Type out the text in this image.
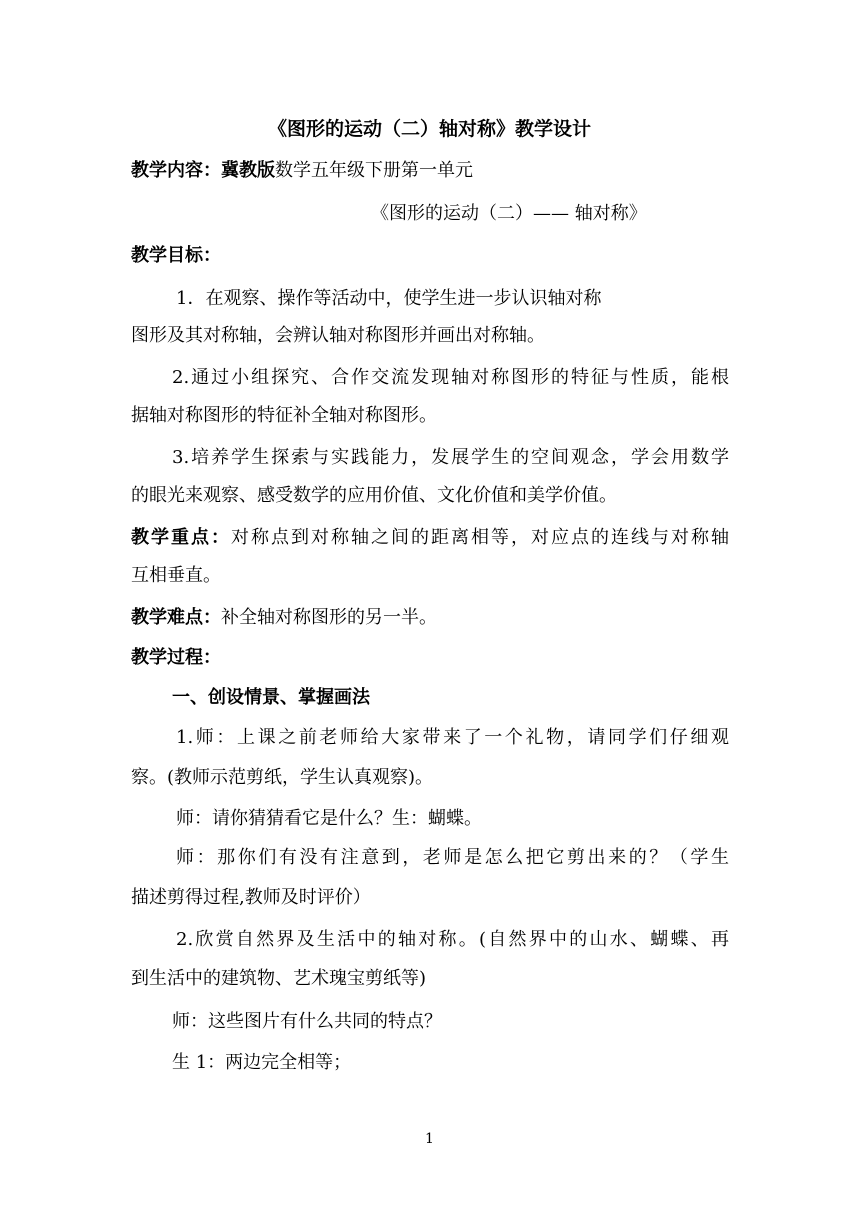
《图形的运动（二）轴对称》教学设计
教学内容：冀教版数学五年级下册第一单元
《图形的运动（二）—— 轴对称》
教学目标：
1．在观察、操作等活动中，使学生进一步认识轴对称
图形及其对称轴，会辨认轴对称图形并画出对称轴。
2.通过小组探究、合作交流发现轴对称图形的特征与性质，能根
据轴对称图形的特征补全轴对称图形。
3.培养学生探索与实践能力，发展学生的空间观念，学会用数学
的眼光来观察、感受数学的应用价值、文化价值和美学价值。
教学重点：对称点到对称轴之间的距离相等，对应点的连线与对称轴
互相垂直。
教学难点：补全轴对称图形的另一半。
教学过程：
一、创设情景、掌握画法
1.师：上课之前老师给大家带来了一个礼物，请同学们仔细观
察。(教师示范剪纸，学生认真观察)。
师：请你猜猜看它是什么？生：蝴蝶。
师：那你们有没有注意到，老师是怎么把它剪出来的？（学生
描述剪得过程,教师及时评价）
2.欣赏自然界及生活中的轴对称。(自然界中的山水、蝴蝶、再
到生活中的建筑物、艺术瑰宝剪纸等)
师：这些图片有什么共同的特点？
生 1：两边完全相等；
1
